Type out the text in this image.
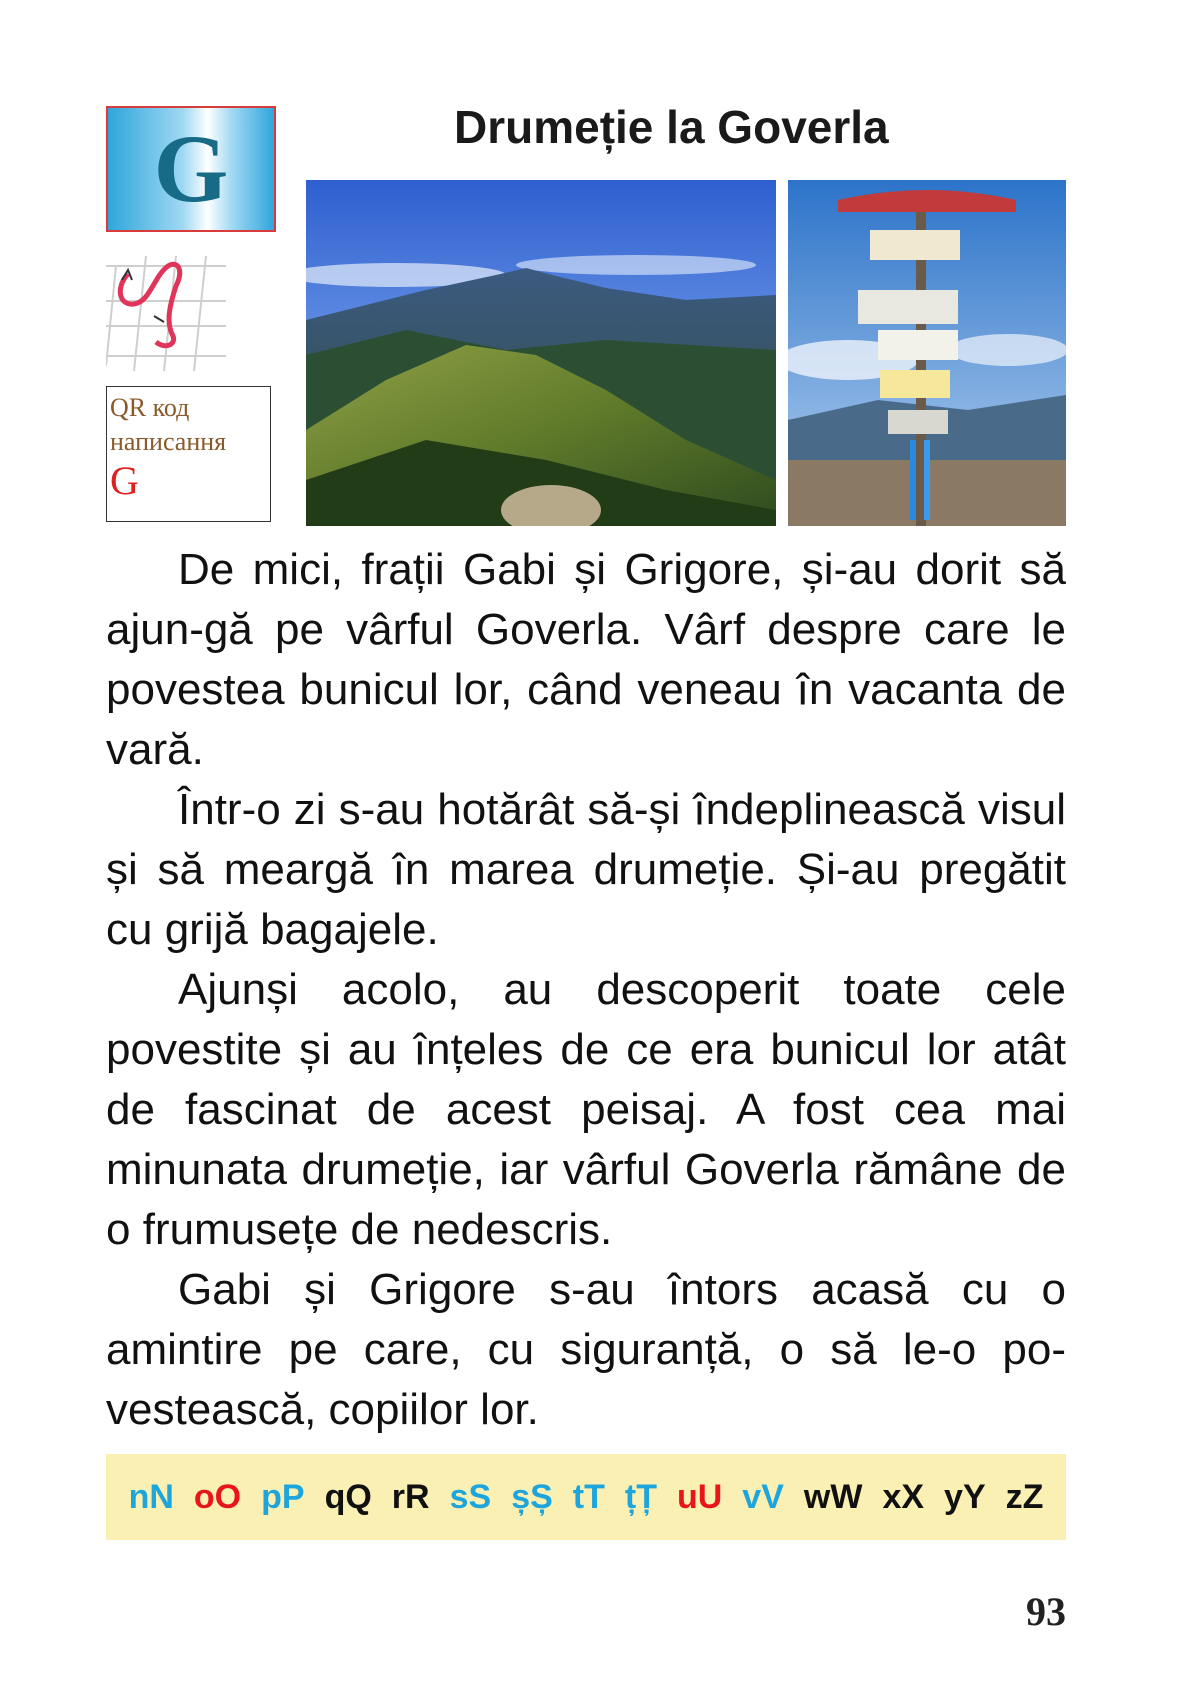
G
QR код
написання
G
Drumeție la Goverla

De mici, frații Gabi și Grigore, și-au dorit să ajun-gă pe vârful Goverla. Vârf despre care le povestea bunicul lor, când veneau în vacanta de vară.

Într-o zi s-au hotărât să-și îndeplinească visul și să meargă în marea drumeție. Și-au pregătit cu grijă bagajele.

Ajunși acolo, au descoperit toate cele povestite și au înțeles de ce era bunicul lor atât de fascinat de acest peisaj. A fost cea mai minunata drumeție, iar vârful Goverla rămâne de o frumusețe de nedescris.

Gabi și Grigore s-au întors acasă cu o amintire pe care, cu siguranță, o să le-o po-vestească, copiilor lor.

nN oO pP qQ rR sS șȘ tT țȚ uU vV wW xX yY zZ
93
